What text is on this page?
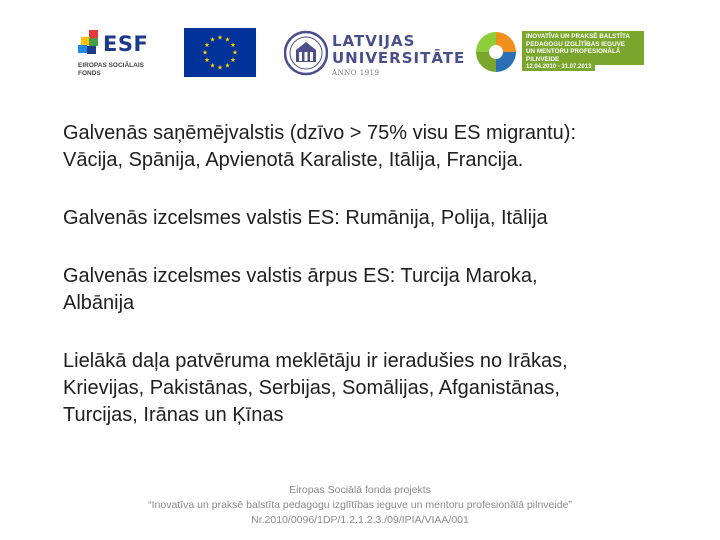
ESF
EIROPAS SOCIĀLAIS
FONDS
LATVIJAS
UNIVERSITĀTE
ANNO 1919
INOVATĪVA UN PRAKSĒ BALSTĪTA
PEDAGOGU IZGLĪTĪBAS IEGUVE
UN MENTORU PROFESIONĀLĀ PILNVEIDE
12.04.2010 - 31.07.2013
Galvenās saņēmējvalstis (dzīvo > 75% visu ES migrantu):
Vācija, Spānija, Apvienotā Karaliste, Itālija, Francija.
Galvenās izcelsmes valstis ES: Rumānija, Polija, Itālija
Galvenās izcelsmes valstis ārpus ES: Turcija Maroka,
Albānija
Lielākā daļa patvēruma meklētāju ir ieradušies no Irākas,
Krievijas, Pakistānas, Serbijas, Somālijas, Afganistānas,
Turcijas, Irānas un Ķīnas
Eiropas Sociālā fonda projekts
“Inovatīva un praksē balstīta pedagogu izglītības ieguve un mentoru profesionālā pilnveide”
Nr.2010/0096/1DP/1.2.1.2.3./09/IPIA/VIAA/001
